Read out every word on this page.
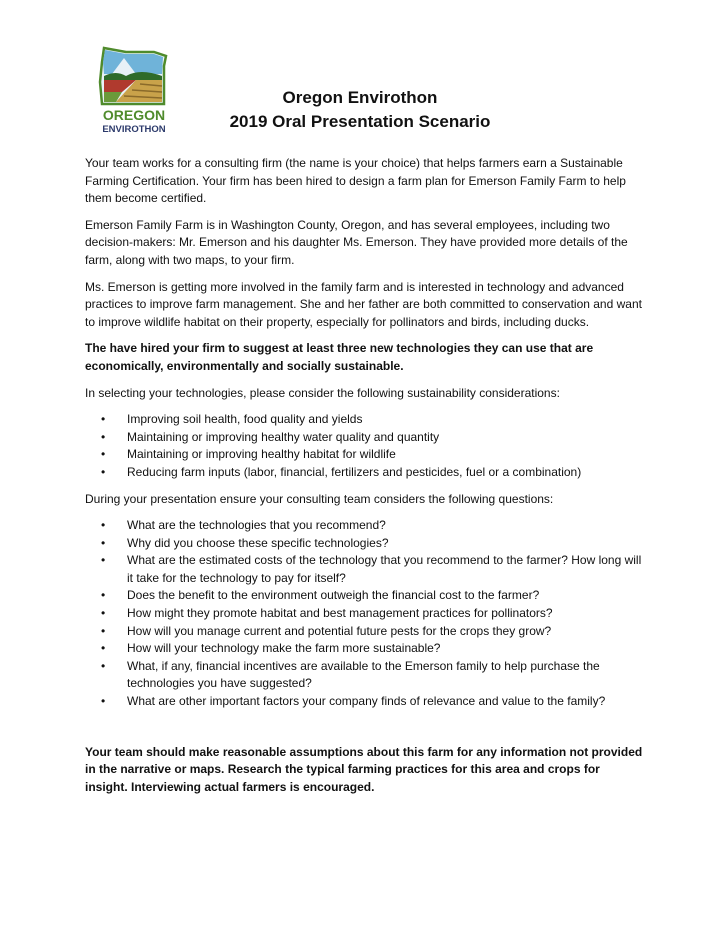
OREGON
ENVIROTHON
Oregon Envirothon
2019 Oral Presentation Scenario

Your team works for a consulting firm (the name is your choice) that helps farmers earn a Sustainable Farming Certification. Your firm has been hired to design a farm plan for Emerson Family Farm to help them become certified.

Emerson Family Farm is in Washington County, Oregon, and has several employees, including two decision-makers: Mr. Emerson and his daughter Ms. Emerson. They have provided more details of the farm, along with two maps, to your firm.

Ms. Emerson is getting more involved in the family farm and is interested in technology and advanced practices to improve farm management. She and her father are both committed to conservation and want to improve wildlife habitat on their property, especially for pollinators and birds, including ducks.

The have hired your firm to suggest at least three new technologies they can use that are economically, environmentally and socially sustainable.

In selecting your technologies, please consider the following sustainability considerations:

• Improving soil health, food quality and yields
• Maintaining or improving healthy water quality and quantity
• Maintaining or improving healthy habitat for wildlife
• Reducing farm inputs (labor, financial, fertilizers and pesticides, fuel or a combination)

During your presentation ensure your consulting team considers the following questions:

• What are the technologies that you recommend?
• Why did you choose these specific technologies?
• What are the estimated costs of the technology that you recommend to the farmer? How long will it take for the technology to pay for itself?
• Does the benefit to the environment outweigh the financial cost to the farmer?
• How might they promote habitat and best management practices for pollinators?
• How will you manage current and potential future pests for the crops they grow?
• How will your technology make the farm more sustainable?
• What, if any, financial incentives are available to the Emerson family to help purchase the technologies you have suggested?
• What are other important factors your company finds of relevance and value to the family?

Your team should make reasonable assumptions about this farm for any information not provided in the narrative or maps. Research the typical farming practices for this area and crops for insight. Interviewing actual farmers is encouraged.
